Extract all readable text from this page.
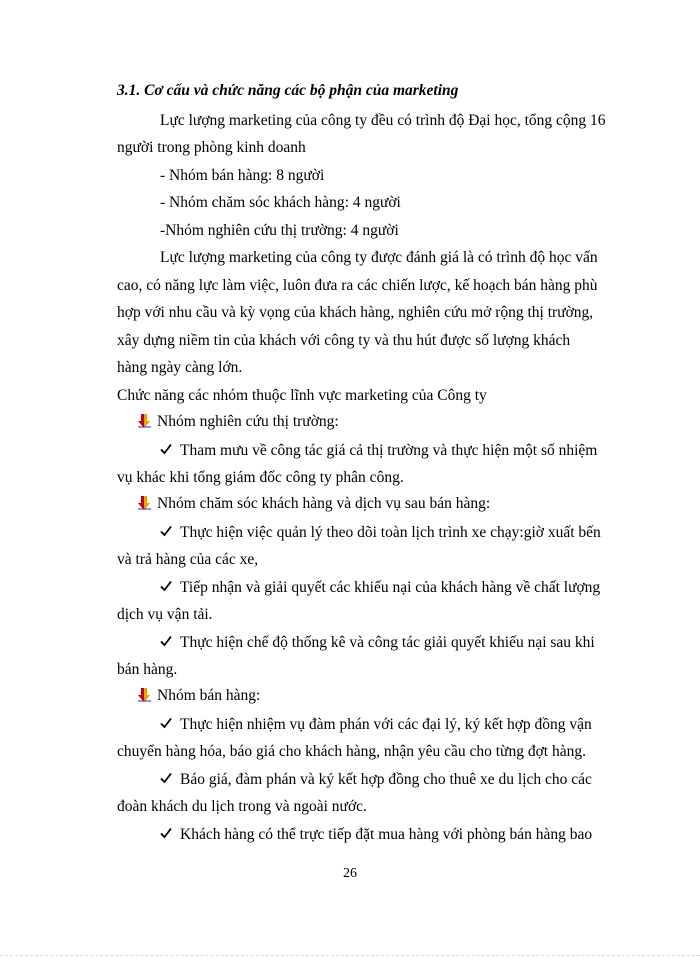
3.1. Cơ cấu và chức năng các bộ phận của marketing
Lực lượng marketing của công ty đều có trình độ Đại học, tổng cộng 16
người trong phòng kinh doanh
- Nhóm bán hàng: 8 người
- Nhóm chăm sóc khách hàng: 4 người
-Nhóm nghiên cứu thị trường: 4 người
Lực lượng marketing của công ty được đánh giá là có trình độ học vấn
cao, có năng lực làm việc, luôn đưa ra các chiến lược, kế hoạch bán hàng phù
hợp với nhu cầu và kỳ vọng của khách hàng, nghiên cứu mở rộng thị trường,
xây dựng niềm tin của khách với công ty và thu hút được số lượng khách
hàng ngày càng lớn.
Chức năng các nhóm thuộc lĩnh vực marketing của Công ty
Nhóm nghiên cứu thị trường:
Tham mưu về công tác giá cả thị trường và thực hiện một số nhiệm
vụ khác khi tổng giám đốc công ty phân công.
Nhóm chăm sóc khách hàng và dịch vụ sau bán hàng:
Thực hiện việc quản lý theo dõi toàn lịch trình xe chạy:giờ xuất bến
và trả hàng của các xe,
Tiếp nhận và giải quyết các khiếu nại của khách hàng về chất lượng
dịch vụ vận tải.
Thực hiện chế độ thống kê và công tác giải quyết khiếu nại sau khi
bán hàng.
Nhóm bán hàng:
Thực hiện nhiệm vụ đàm phán với các đại lý, ký kết hợp đồng vận
chuyển hàng hóa, báo giá cho khách hàng, nhận yêu cầu cho từng đợt hàng.
Báo giá, đàm phán và ký kết hợp đồng cho thuê xe du lịch cho các
đoàn khách du lịch trong và ngoài nước.
Khách hàng có thể trực tiếp đặt mua hàng với phòng bán hàng bao
26
